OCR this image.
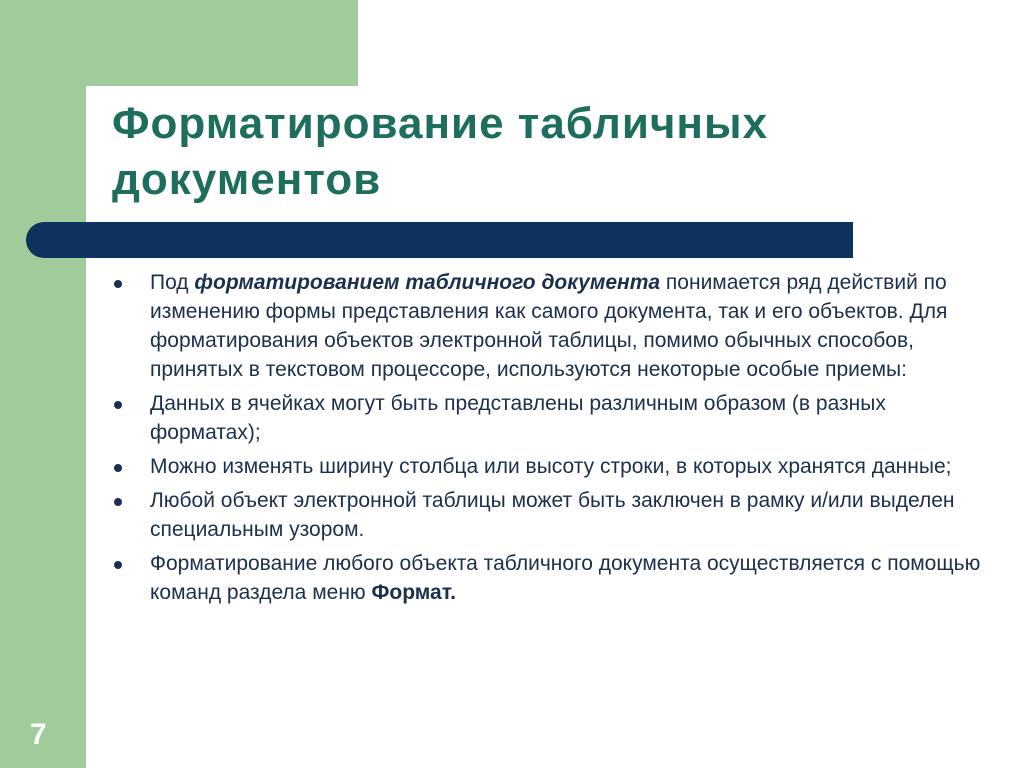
Форматирование табличных документов
Под форматированием табличного документа понимается ряд действий по изменению формы представления как самого документа, так и его объектов. Для форматирования объектов электронной таблицы, помимо обычных способов, принятых в текстовом процессоре, используются некоторые особые приемы:
Данных в ячейках могут быть представлены различным образом (в разных форматах);
Можно изменять ширину столбца или высоту строки, в которых хранятся данные;
Любой объект электронной таблицы может быть заключен в рамку и/или выделен специальным узором.
Форматирование любого объекта табличного документа осуществляется с помощью команд раздела меню Формат.
7
